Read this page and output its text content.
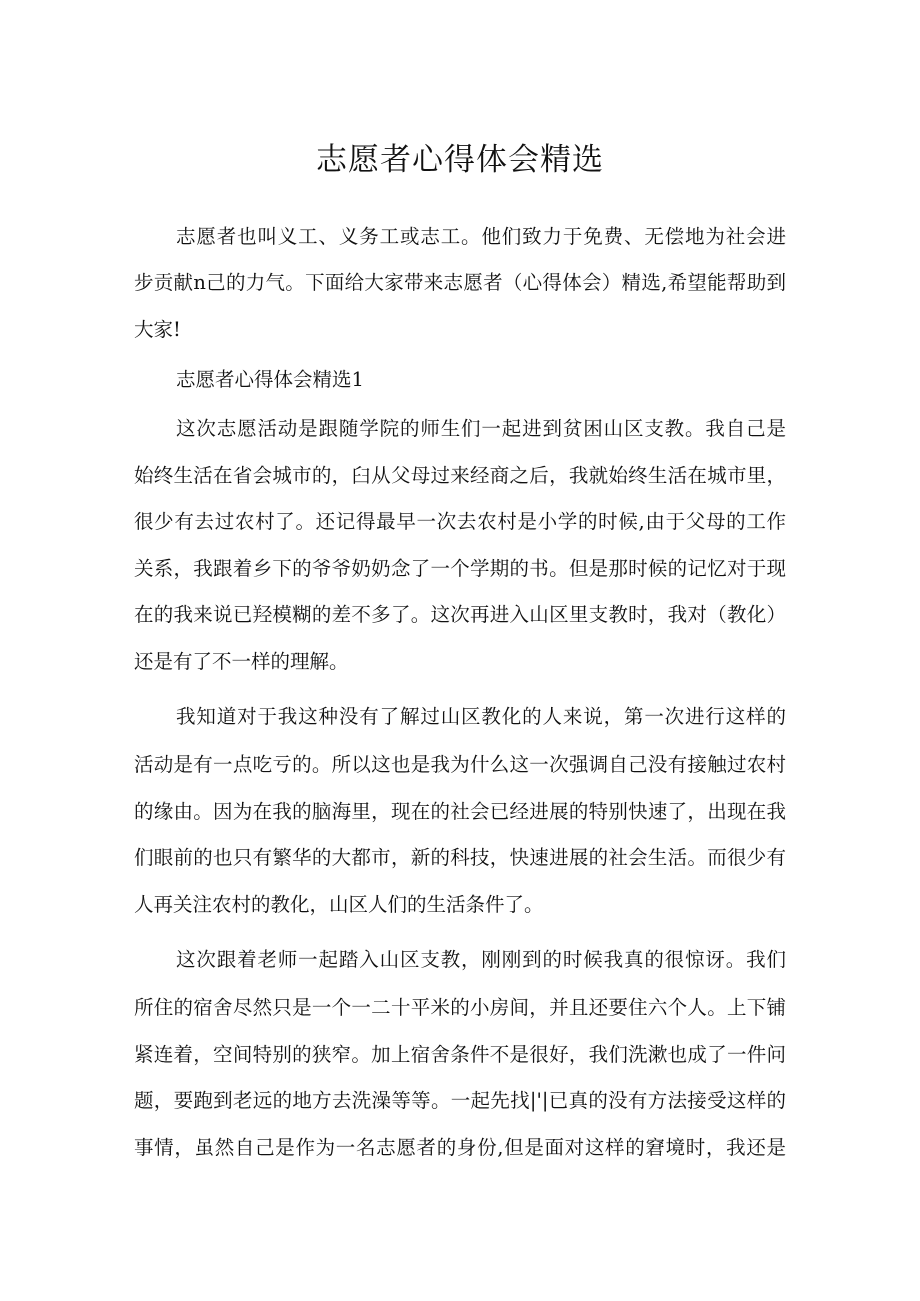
志愿者心得体会精选

志愿者也叫义工、义务工或志工。他们致力于免费、无偿地为社会进

步贡献n己的力气。下面给大家带来志愿者（心得体会）精选,希望能帮助到

大家!

志愿者心得体会精选1

这次志愿活动是跟随学院的师生们一起进到贫困山区支教。我自己是

始终生活在省会城市的，臼从父母过来经商之后，我就始终生活在城市里，

很少有去过农村了。还记得最早一次去农村是小学的时候,由于父母的工作

关系，我跟着乡下的爷爷奶奶念了一个学期的书。但是那时候的记忆对于现

在的我来说已羟模糊的差不多了。这次再进入山区里支教时，我对（教化）

还是有了不一样的理解。

我知道对于我这种没有了解过山区教化的人来说，第一次进行这样的

活动是有一点吃亏的。所以这也是我为什么这一次强调自己没有接触过农村

的缘由。因为在我的脑海里，现在的社会已经进展的特别快速了，出现在我

们眼前的也只有繁华的大都市，新的科技，快速进展的社会生活。而很少有

人再关注农村的教化，山区人们的生活条件了。

这次跟着老师一起踏入山区支教，刚刚到的时候我真的很惊讶。我们

所住的宿舍尽然只是一个一二十平米的小房间，并且还要住六个人。上下铺

紧连着，空间特别的狭窄。加上宿舍条件不是很好，我们洗漱也成了一件问

题，要跑到老远的地方去洗澡等等。一起先找|'|已真的没有方法接受这样的

事情，虽然自己是作为一名志愿者的身份,但是面对这样的窘境时，我还是
